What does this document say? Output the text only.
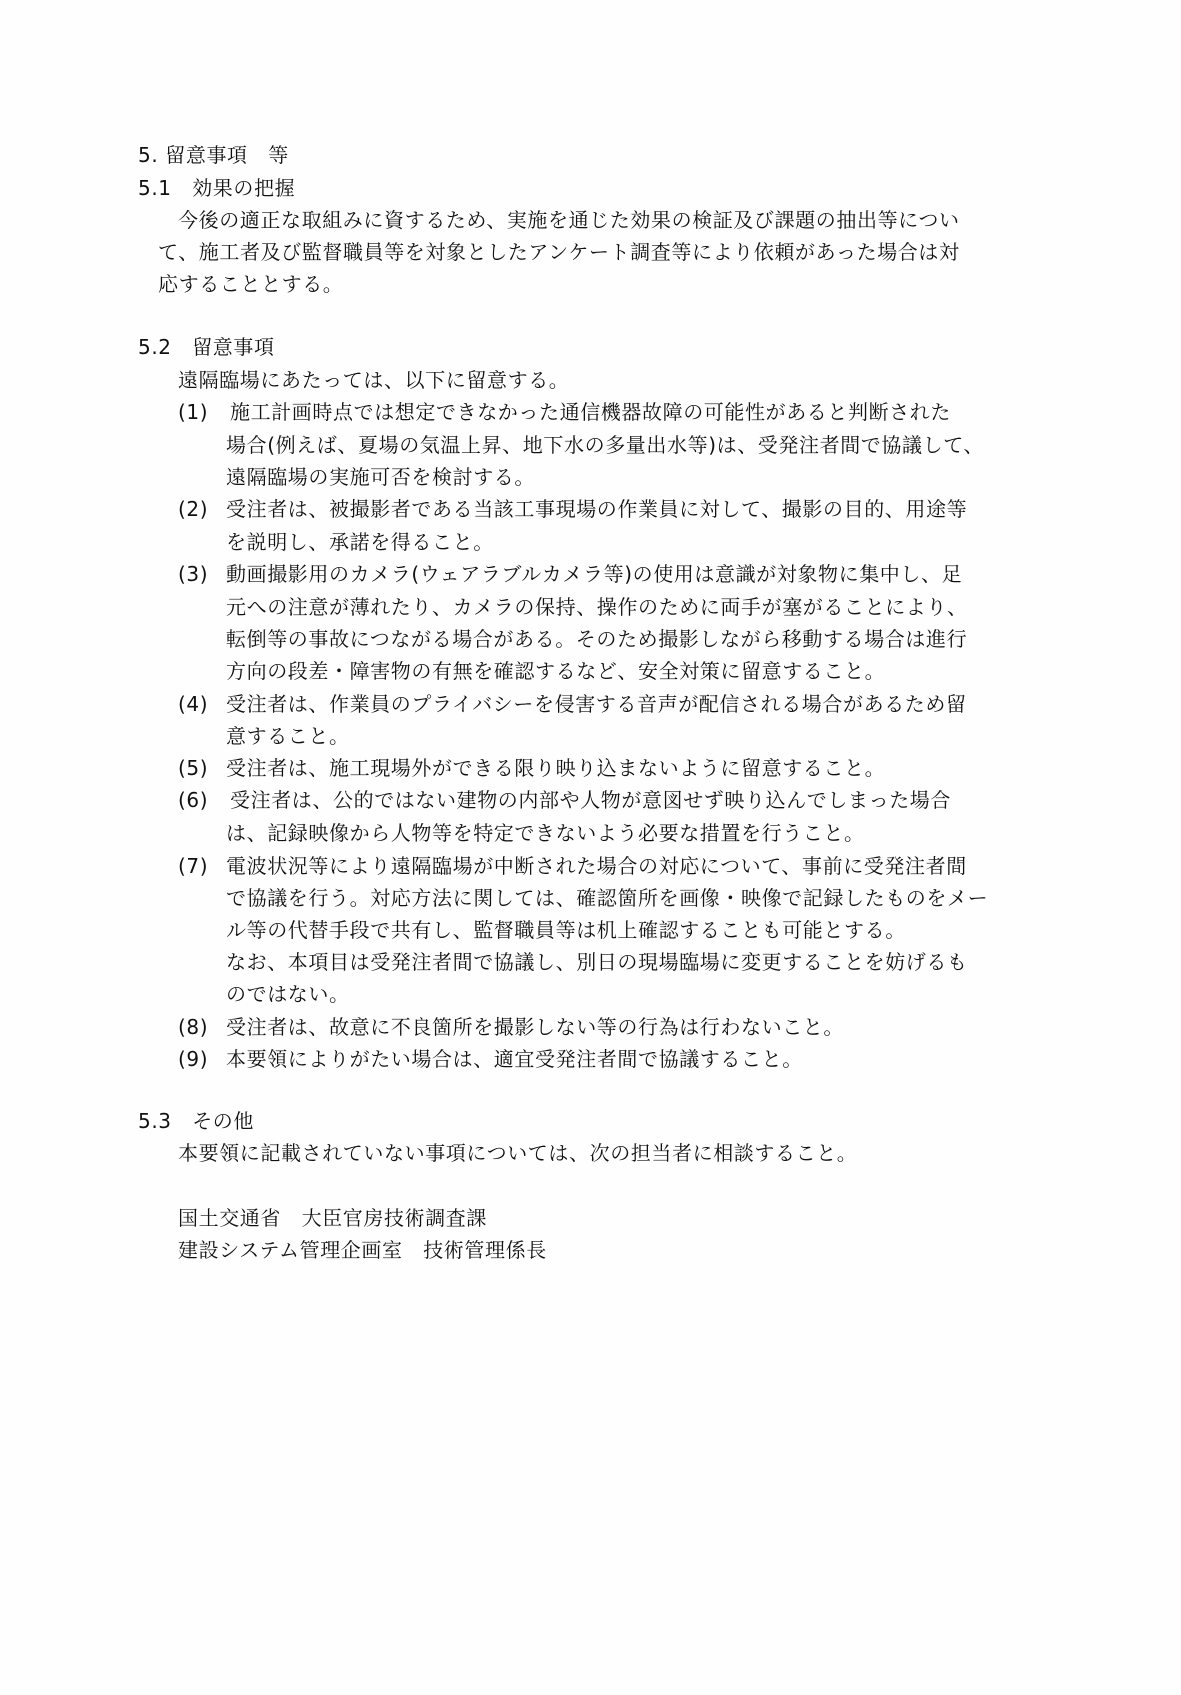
5. 留意事項　等
5.1　効果の把握
今後の適正な取組みに資するため、実施を通じた効果の検証及び課題の抽出等につい
て、施工者及び監督職員等を対象としたアンケート調査等により依頼があった場合は対
応することとする。
5.2　留意事項
遠隔臨場にあたっては、以下に留意する。
(1) 施工計画時点では想定できなかった通信機器故障の可能性があると判断された
場合(例えば、夏場の気温上昇、地下水の多量出水等)は、受発注者間で協議して、
遠隔臨場の実施可否を検討する。
(2) 受注者は、被撮影者である当該工事現場の作業員に対して、撮影の目的、用途等
を説明し、承諾を得ること。
(3) 動画撮影用のカメラ(ウェアラブルカメラ等)の使用は意識が対象物に集中し、足
元への注意が薄れたり、カメラの保持、操作のために両手が塞がることにより、
転倒等の事故につながる場合がある。そのため撮影しながら移動する場合は進行
方向の段差・障害物の有無を確認するなど、安全対策に留意すること。
(4) 受注者は、作業員のプライバシーを侵害する音声が配信される場合があるため留
意すること。
(5) 受注者は、施工現場外ができる限り映り込まないように留意すること。
(6) 受注者は、公的ではない建物の内部や人物が意図せず映り込んでしまった場合
は、記録映像から人物等を特定できないよう必要な措置を行うこと。
(7) 電波状況等により遠隔臨場が中断された場合の対応について、事前に受発注者間
で協議を行う。対応方法に関しては、確認箇所を画像・映像で記録したものをメー
ル等の代替手段で共有し、監督職員等は机上確認することも可能とする。
なお、本項目は受発注者間で協議し、別日の現場臨場に変更することを妨げるも
のではない。
(8) 受注者は、故意に不良箇所を撮影しない等の行為は行わないこと。
(9) 本要領によりがたい場合は、適宜受発注者間で協議すること。
5.3　その他
本要領に記載されていない事項については、次の担当者に相談すること。
国土交通省　大臣官房技術調査課
建設システム管理企画室　技術管理係長
